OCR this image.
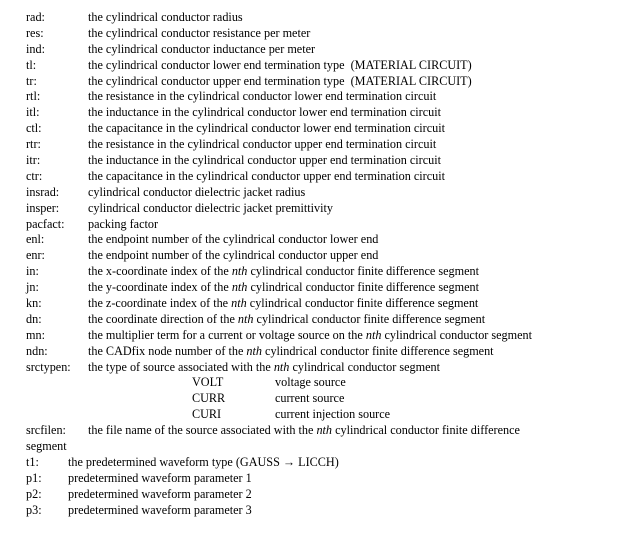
rad:	the cylindrical conductor radius
res:	the cylindrical conductor resistance per meter
ind:	the cylindrical conductor inductance per meter
tl:	the cylindrical conductor lower end termination type  (MATERIAL CIRCUIT)
tr:	the cylindrical conductor upper end termination type  (MATERIAL CIRCUIT)
rtl:	the resistance in the cylindrical conductor lower end termination circuit
itl:	the inductance in the cylindrical conductor lower end termination circuit
ctl:	the capacitance in the cylindrical conductor lower end termination circuit
rtr:	the resistance in the cylindrical conductor upper end termination circuit
itr:	the inductance in the cylindrical conductor upper end termination circuit
ctr:	the capacitance in the cylindrical conductor upper end termination circuit
insrad: cylindrical conductor dielectric jacket radius
insper: cylindrical conductor dielectric jacket premittivity
pacfact: packing factor
enl:	the endpoint number of the cylindrical conductor lower end
enr:	the endpoint number of the cylindrical conductor upper end
in:	the x-coordinate index of the nth cylindrical conductor finite difference segment
jn:	the y-coordinate index of the nth cylindrical conductor finite difference segment
kn:	the z-coordinate index of the nth cylindrical conductor finite difference segment
dn:	the coordinate direction of the nth cylindrical conductor finite difference segment
mn:	the multiplier term for a current or voltage source on the nth cylindrical conductor segment
ndn:	the CADfix node number of the nth cylindrical conductor finite difference segment
srctypen: the type of source associated with the nth cylindrical conductor segment
VOLT	voltage source
CURR	current source
CURI	current injection source
srcfilen: the file name of the source associated with the nth cylindrical conductor finite difference
segment
t1: the predetermined waveform type (GAUSS → LICCH)
p1: predetermined waveform parameter 1
p2: predetermined waveform parameter 2
p3: predetermined waveform parameter 3
